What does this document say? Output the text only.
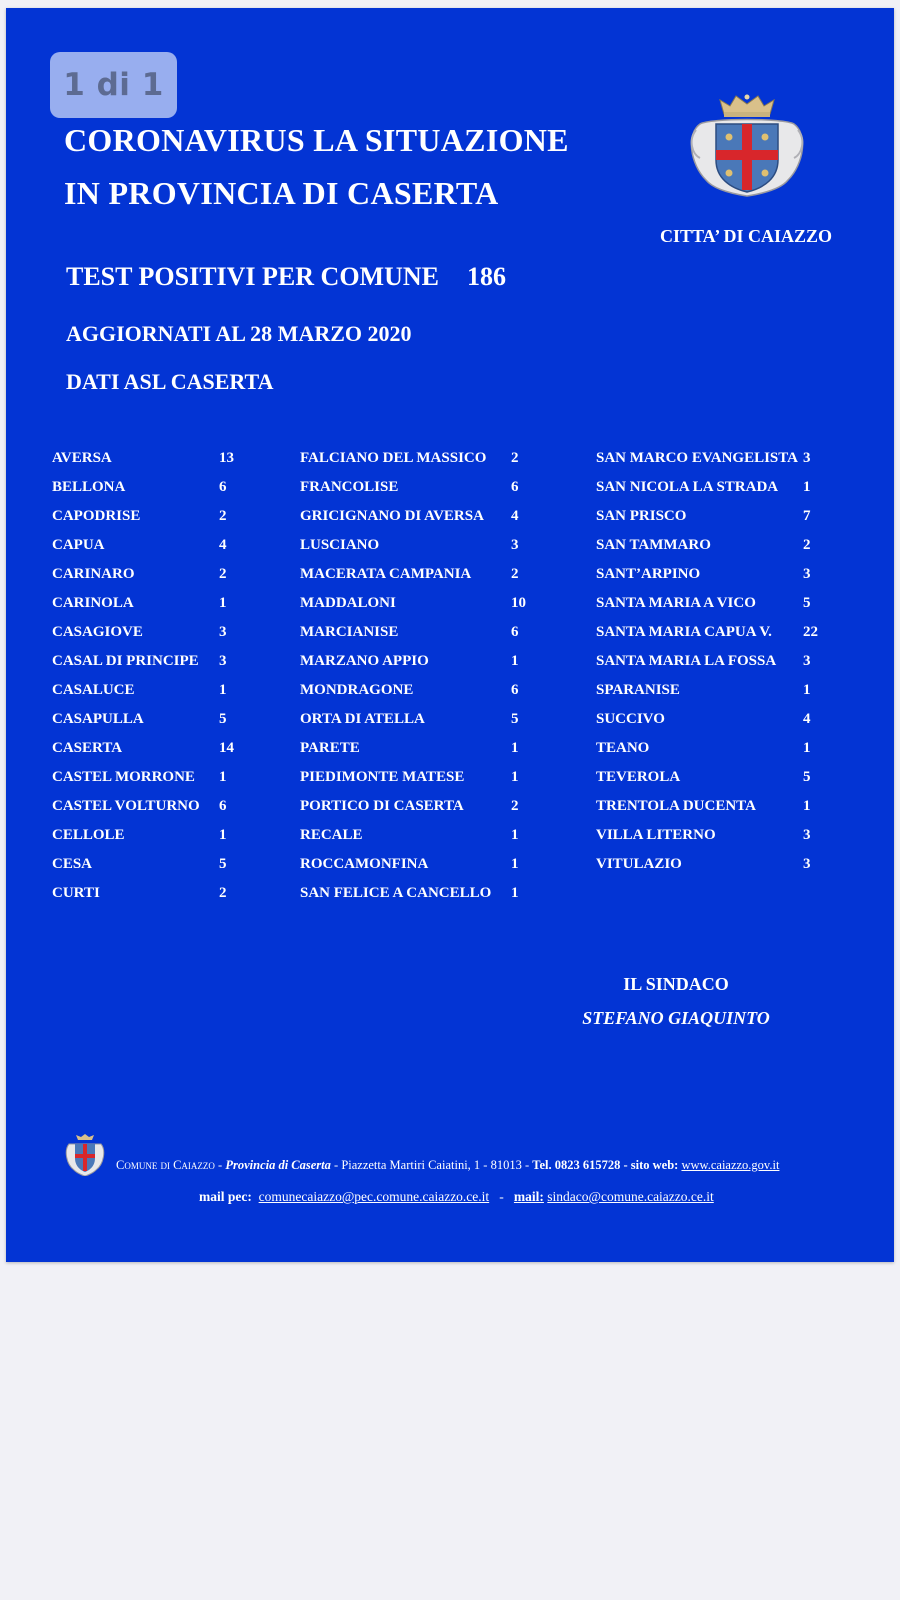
1 di 1
CORONAVIRUS LA SITUAZIONE
IN PROVINCIA DI CASERTA
CITTA’ DI CAIAZZO
TEST POSITIVI PER COMUNE 186
AGGIORNATI AL 28 MARZO 2020
DATI ASL CASERTA
AVERSA	13
BELLONA	6
CAPODRISE	2
CAPUA	4
CARINARO	2
CARINOLA	1
CASAGIOVE	3
CASAL DI PRINCIPE 3
CASALUCE	1
CASAPULLA	5
CASERTA	14
CASTEL MORRONE 1
CASTEL VOLTURNO 6
CELLOLE	1
CESA	5
CURTI	2
FALCIANO DEL MASSICO 2
FRANCOLISE	6
GRICIGNANO DI AVERSA 4
LUSCIANO	3
MACERATA CAMPANIA	2
MADDALONI	10
MARCIANISE	6
MARZANO APPIO	1
MONDRAGONE	6
ORTA DI ATELLA	5
PARETE	1
PIEDIMONTE MATESE	1
PORTICO DI CASERTA	2
RECALE	1
ROCCAMONFINA	1
SAN FELICE A CANCELLO 1
SAN MARCO EVANGELISTA 3
SAN NICOLA LA STRADA 1
SAN PRISCO	7
SAN TAMMARO	2
SANT’ARPINO	3
SANTA MARIA A VICO	5
SANTA MARIA CAPUA V. 22
SANTA MARIA LA FOSSA 3
SPARANISE	1
SUCCIVO	4
TEANO	1
TEVEROLA	5
TRENTOLA DUCENTA	1
VILLA LITERNO	3
VITULAZIO	3
IL SINDACO
STEFANO GIAQUINTO
Comune di Caiazzo - Provincia di Caserta - Piazzetta Martiri Caiatini, 1 - 81013 - Tel. 0823 615728 - sito web: www.caiazzo.gov.it
mail pec: comunecaiazzo@pec.comune.caiazzo.ce.it   -   mail: sindaco@comune.caiazzo.ce.it
